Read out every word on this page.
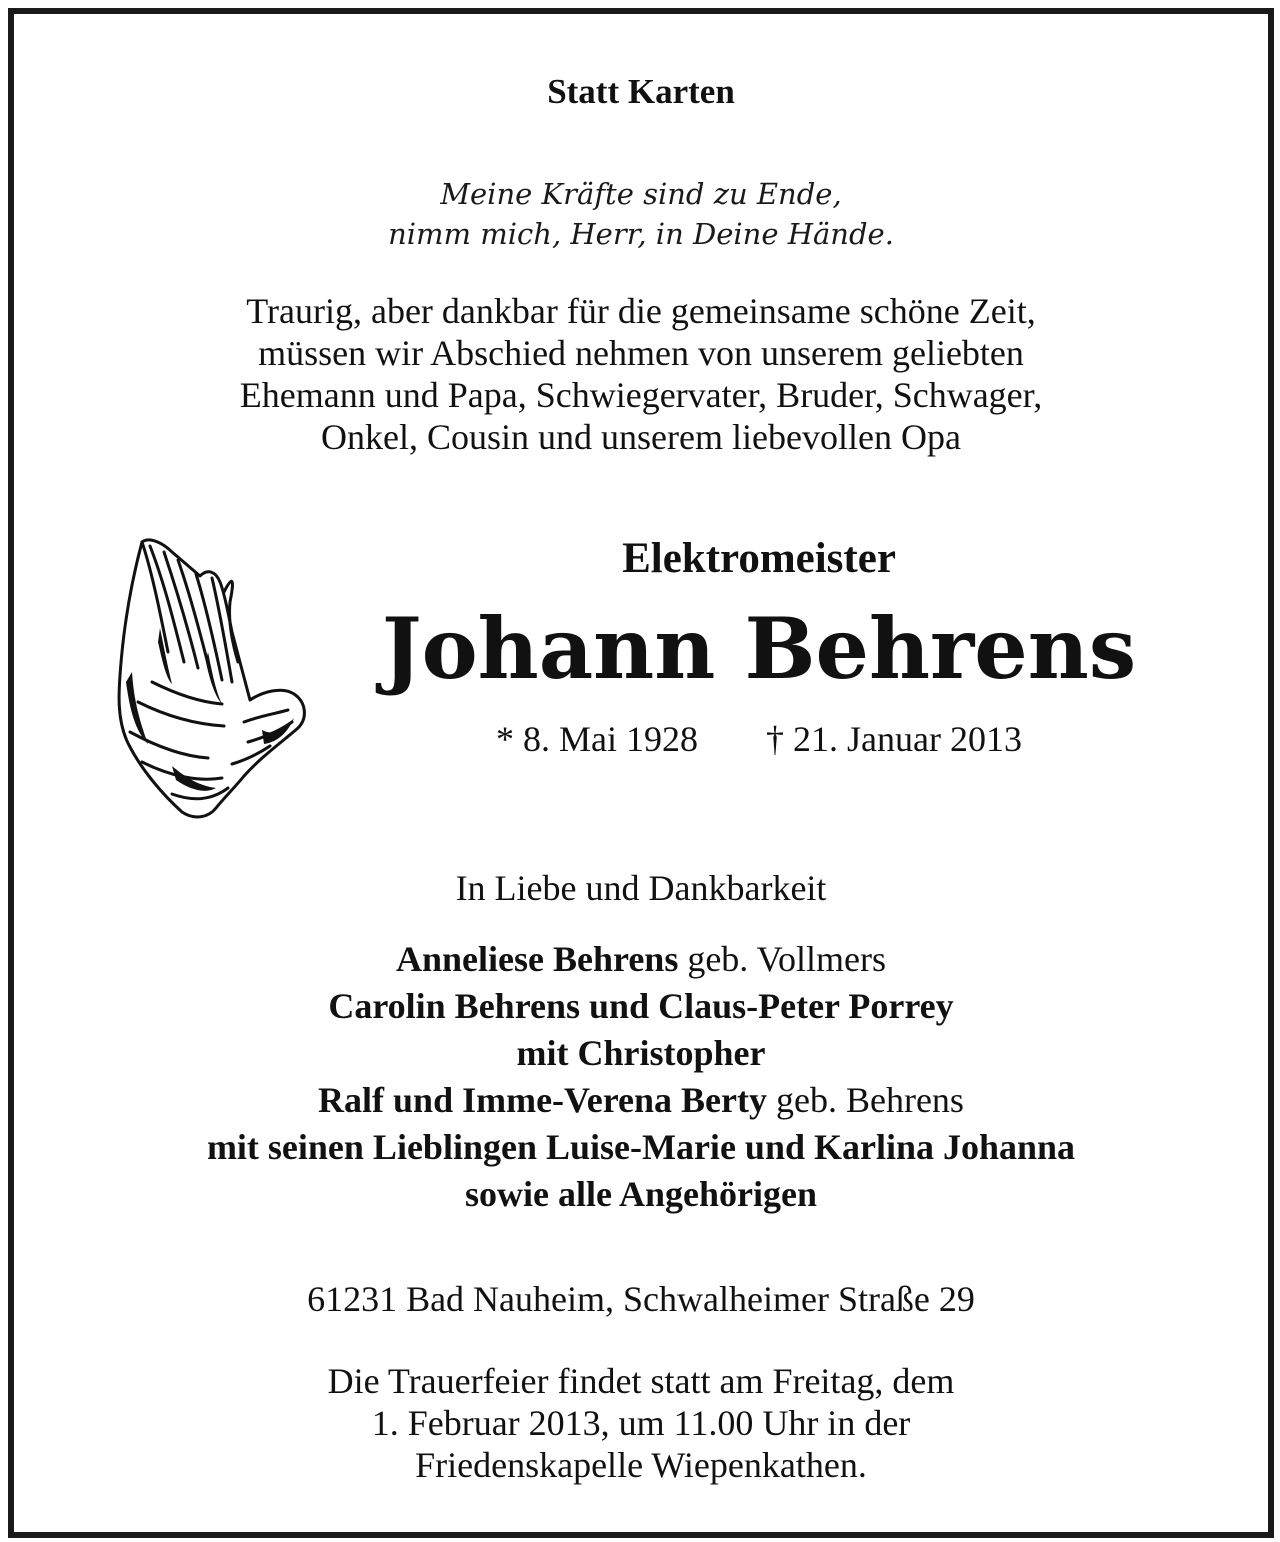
Statt Karten
Meine Kräfte sind zu Ende,
nimm mich, Herr, in Deine Hände.
Traurig, aber dankbar für die gemeinsame schöne Zeit,
müssen wir Abschied nehmen von unserem geliebten
Ehemann und Papa, Schwiegervater, Bruder, Schwager,
Onkel, Cousin und unserem liebevollen Opa
Elektromeister
Johann Behrens
* 8. Mai 1928 † 21. Januar 2013
In Liebe und Dankbarkeit
Anneliese Behrens geb. Vollmers
Carolin Behrens und Claus-Peter Porrey
mit Christopher
Ralf und Imme-Verena Berty geb. Behrens
mit seinen Lieblingen Luise-Marie und Karlina Johanna
sowie alle Angehörigen
61231 Bad Nauheim, Schwalheimer Straße 29
Die Trauerfeier findet statt am Freitag, dem
1. Februar 2013, um 11.00 Uhr in der
Friedenskapelle Wiepenkathen.
